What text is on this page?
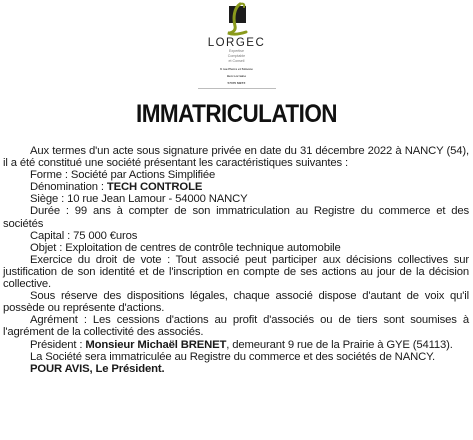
LORGEC
Expertise
Comptable
et Conseil
6 rue Pierre et Simone
Hen Lorraine
57070 METZ
IMMATRICULATION

Aux termes d'un acte sous signature privée en date du 31 décembre 2022 à NANCY (54), il a été constitué une société présentant les caractéristiques suivantes :

Forme : Société par Actions Simplifiée

Dénomination : TECH CONTROLE

Siège : 10 rue Jean Lamour - 54000 NANCY

Durée : 99 ans à compter de son immatriculation au Registre du commerce et des sociétés

Capital : 75 000 €uros

Objet : Exploitation de centres de contrôle technique automobile

Exercice du droit de vote : Tout associé peut participer aux décisions collectives sur justification de son identité et de l'inscription en compte de ses actions au jour de la décision collective.

Sous réserve des dispositions légales, chaque associé dispose d'autant de voix qu'il possède ou représente d'actions.

Agrément : Les cessions d'actions au profit d'associés ou de tiers sont soumises à l'agrément de la collectivité des associés.

Président : Monsieur Michaël BRENET, demeurant 9 rue de la Prairie à GYE (54113).

La Société sera immatriculée au Registre du commerce et des sociétés de NANCY.

POUR AVIS, Le Président.
